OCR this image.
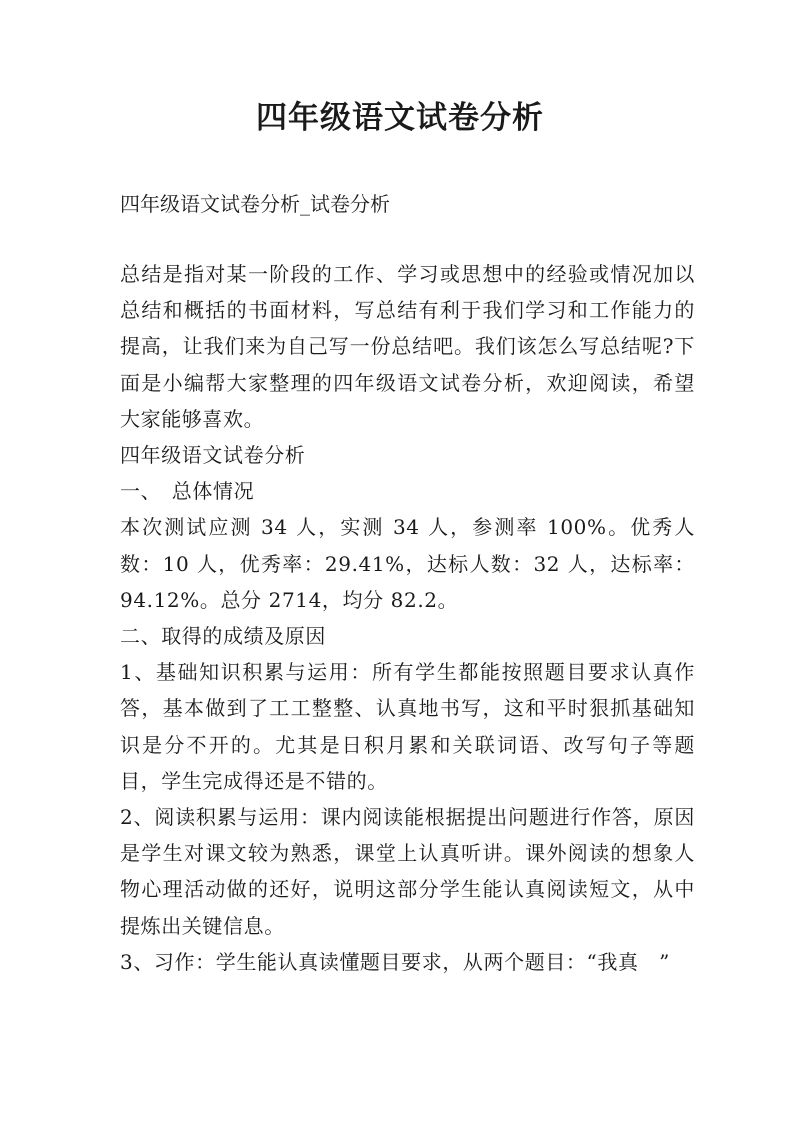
四年级语文试卷分析
四年级语文试卷分析_试卷分析

总结是指对某一阶段的工作、学习或思想中的经验或情况加以总结和概括的书面材料，写总结有利于我们学习和工作能力的提高，让我们来为自己写一份总结吧。我们该怎么写总结呢?下面是小编帮大家整理的四年级语文试卷分析，欢迎阅读，希望大家能够喜欢。

四年级语文试卷分析

一、　总体情况

本次测试应测 34 人，实测 34 人，参测率 100%。优秀人数：10 人，优秀率：29.41%，达标人数：32 人，达标率：94.12%。总分 2714，均分 82.2。

二、取得的成绩及原因

1、基础知识积累与运用：所有学生都能按照题目要求认真作答，基本做到了工工整整、认真地书写，这和平时狠抓基础知识是分不开的。尤其是日积月累和关联词语、改写句子等题目，学生完成得还是不错的。

2、阅读积累与运用：课内阅读能根据提出问题进行作答，原因是学生对课文较为熟悉，课堂上认真听讲。课外阅读的想象人物心理活动做的还好，说明这部分学生能认真阅读短文，从中提炼出关键信息。

3、习作：学生能认真读懂题目要求，从两个题目：“我真　”
